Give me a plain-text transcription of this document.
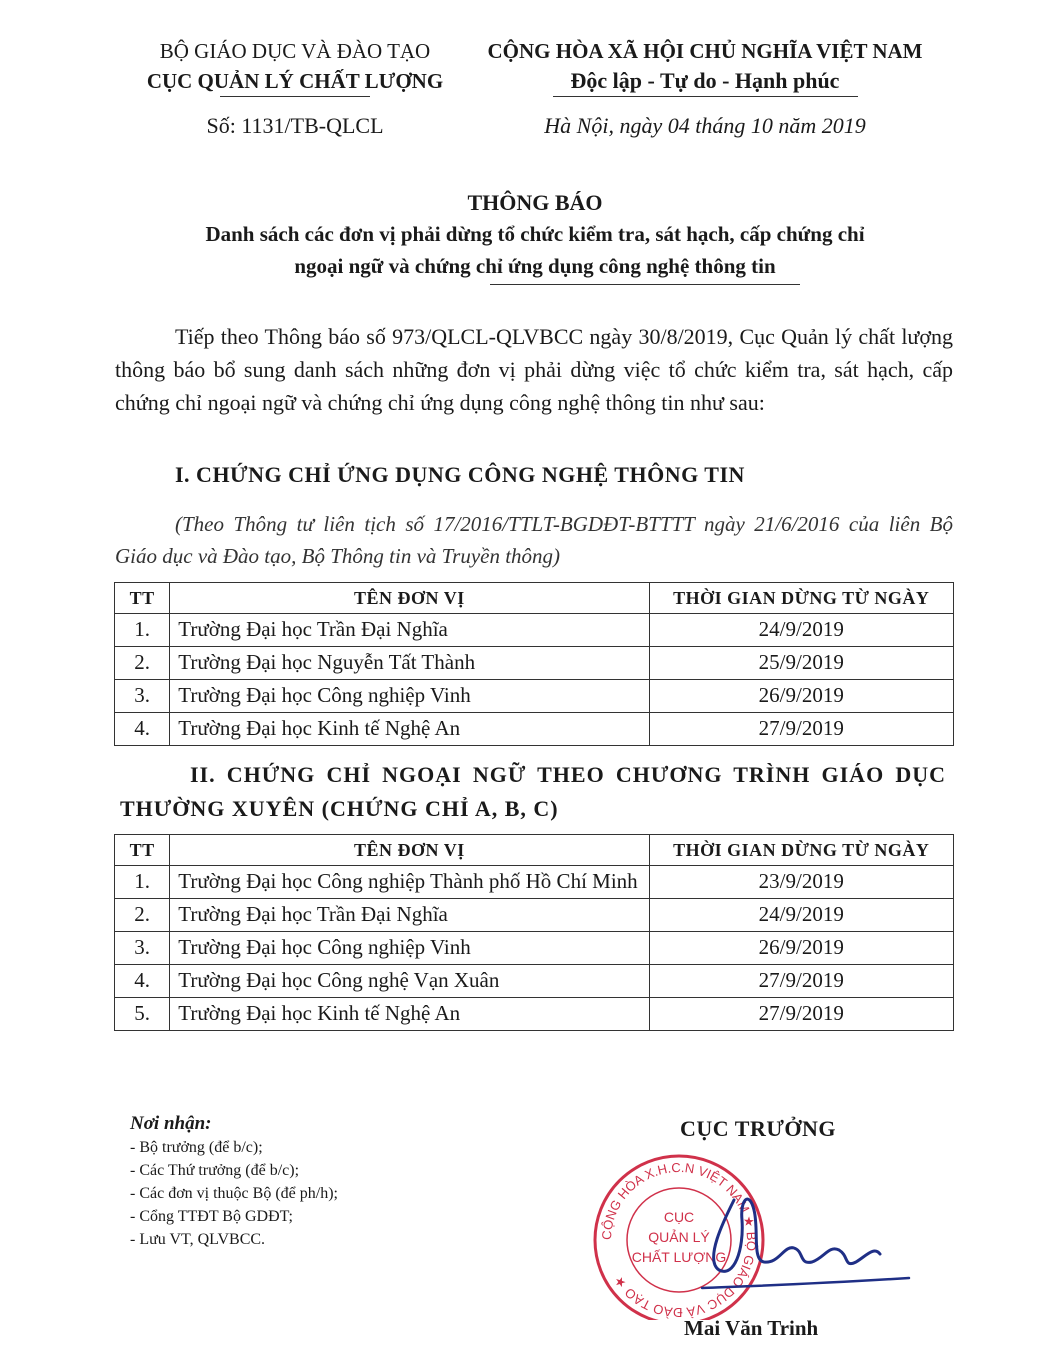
BỘ GIÁO DỤC VÀ ĐÀO TẠO
CỤC QUẢN LÝ CHẤT LƯỢNG
Số: 1131/TB-QLCL
CỘNG HÒA XÃ HỘI CHỦ NGHĨA VIỆT NAM
Độc lập - Tự do - Hạnh phúc
Hà Nội, ngày 04 tháng 10 năm 2019
THÔNG BÁO
Danh sách các đơn vị phải dừng tổ chức kiểm tra, sát hạch, cấp chứng chỉ
ngoại ngữ và chứng chỉ ứng dụng công nghệ thông tin
Tiếp theo Thông báo số 973/QLCL-QLVBCC ngày 30/8/2019, Cục Quản lý chất lượng thông báo bổ sung danh sách những đơn vị phải dừng việc tổ chức kiểm tra, sát hạch, cấp chứng chỉ ngoại ngữ và chứng chỉ ứng dụng công nghệ thông tin như sau:
I. CHỨNG CHỈ ỨNG DỤNG CÔNG NGHỆ THÔNG TIN
(Theo Thông tư liên tịch số 17/2016/TTLT-BGDĐT-BTTTT ngày 21/6/2016 của liên Bộ Giáo dục và Đào tạo, Bộ Thông tin và Truyền thông)
TT	TÊN ĐƠN VỊ	THỜI GIAN DỪNG TỪ NGÀY
1.	Trường Đại học Trần Đại Nghĩa	24/9/2019
2.	Trường Đại học Nguyễn Tất Thành	25/9/2019
3.	Trường Đại học Công nghiệp Vinh	26/9/2019
4.	Trường Đại học Kinh tế Nghệ An	27/9/2019
II. CHỨNG CHỈ NGOẠI NGỮ THEO CHƯƠNG TRÌNH GIÁO DỤC THƯỜNG XUYÊN (CHỨNG CHỈ A, B, C)
TT	TÊN ĐƠN VỊ	THỜI GIAN DỪNG TỪ NGÀY
1.	Trường Đại học Công nghiệp Thành phố Hồ Chí Minh	23/9/2019
2.	Trường Đại học Trần Đại Nghĩa	24/9/2019
3.	Trường Đại học Công nghiệp Vinh	26/9/2019
4.	Trường Đại học Công nghệ Vạn Xuân	27/9/2019
5.	Trường Đại học Kinh tế Nghệ An	27/9/2019
Nơi nhận:
- Bộ trưởng (để b/c);
- Các Thứ trưởng (để b/c);
- Các đơn vị thuộc Bộ (để ph/h);
- Cổng TTĐT Bộ GDĐT;
- Lưu VT, QLVBCC.
CỤC TRƯỞNG
CỘNG HÒA X.H.C.N VIỆT NAM ★ BỘ GIÁO DỤC VÀ ĐÀO TẠO ★
CỤC
QUẢN LÝ
CHẤT LƯỢNG
Mai Văn Trinh
